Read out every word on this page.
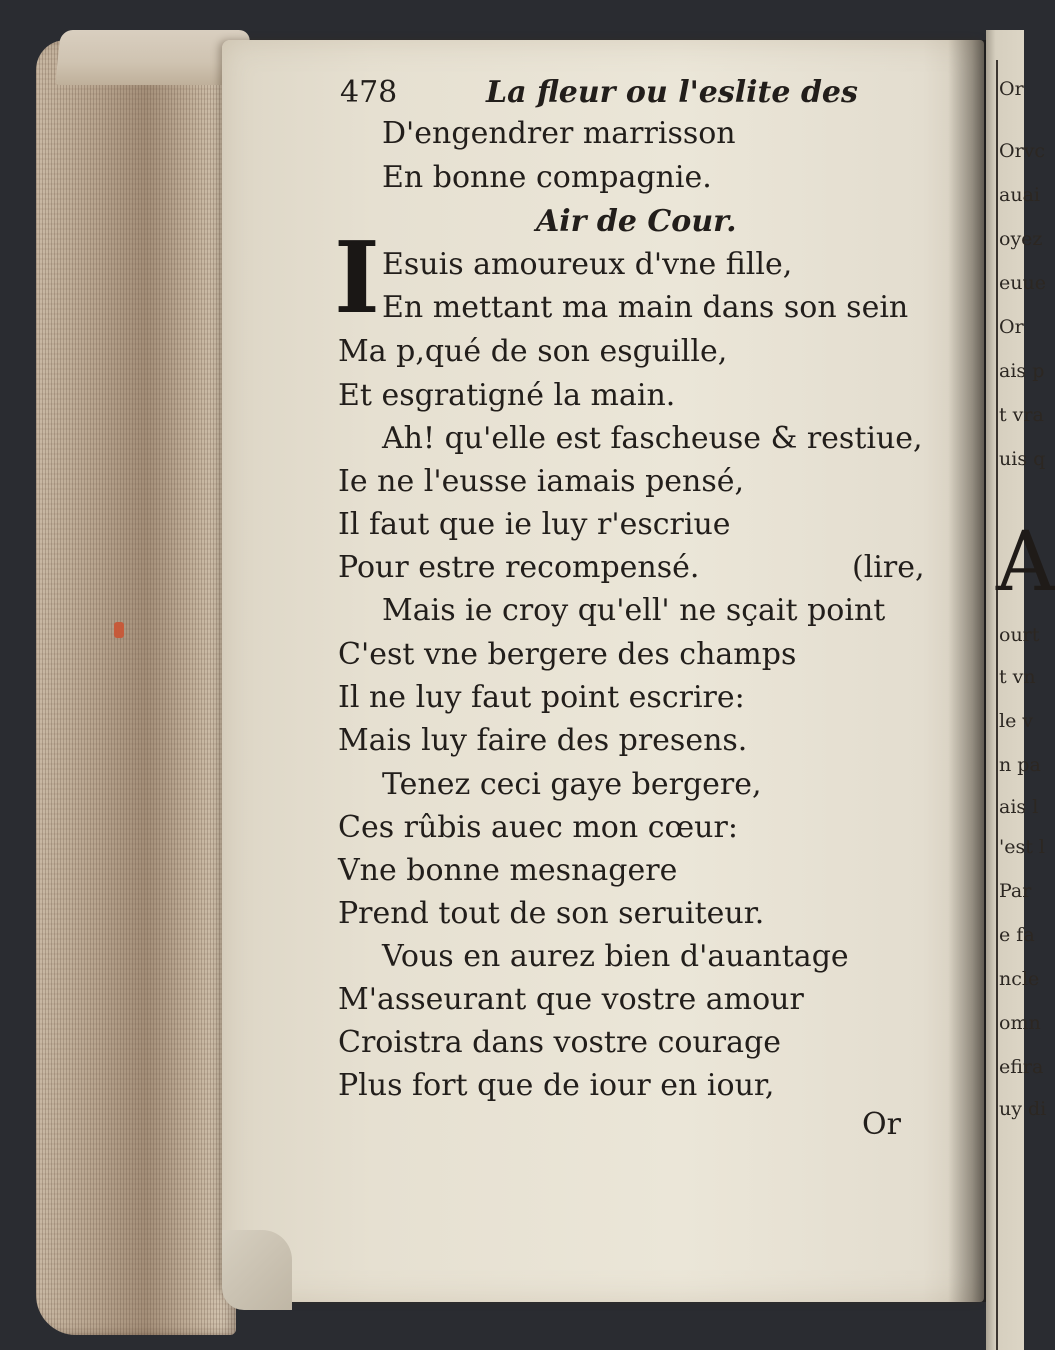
478	La fleur ou l'eslite des
D'engendrer marrisson
En bonne compagnie.
Air de Cour.
I Esuis amoureux d'vne fille,
En mettant ma main dans son sein
Ma p,qué de son esguille,
Et esgratigné la main.
Ah! qu'elle est fascheuse & restiue,
Ie ne l'eusse iamais pensé,
Il faut que ie luy r'escriue
Pour estre recompensé.	(lire,
Mais ie croy qu'ell' ne sçait point
C'est vne bergere des champs
Il ne luy faut point escrire:
Mais luy faire des presens.
Tenez ceci gaye bergere,
Ces rûbis auec mon cœur:
Vne bonne mesnagere
Prend tout de son seruiteur.
Vous en aurez bien d'auantage
M'asseurant que vostre amour
Croistra dans vostre courage
Plus fort que de iour en iour,
Or
Or
Orvc
auai
oyez
euue
Or
ais p
t vra
uis q
A
ourt
t vn
le v
n pa
ais l
'est l
Par
e fa
ncle
omn
efira
uy di
